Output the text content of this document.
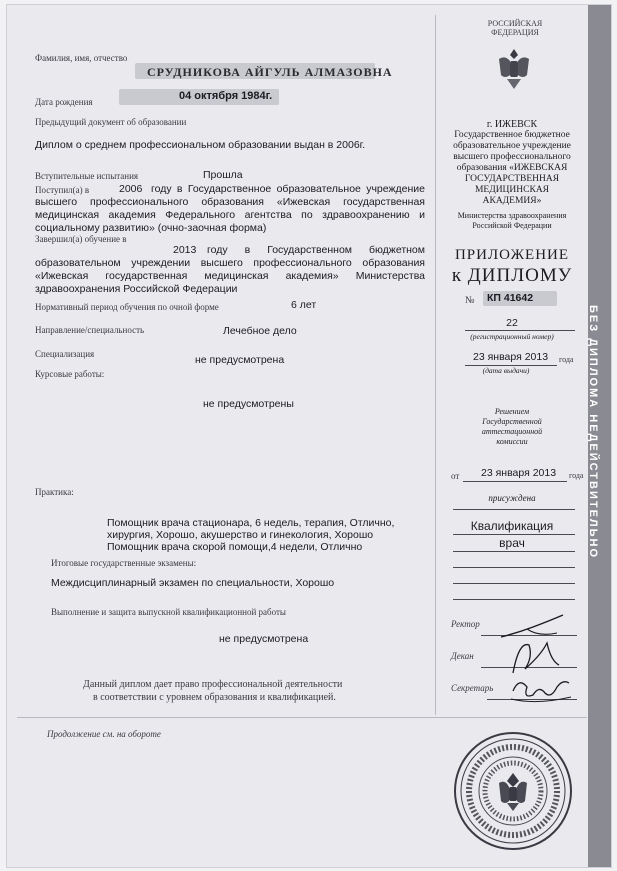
БЕЗ ДИПЛОМА НЕДЕЙСТВИТЕЛЬНО
Фамилия, имя, отчество
СРУДНИКОВА АЙГУЛЬ АЛМАЗОВНА
Дата рождения	04 октября 1984г.
Предыдущий документ об образовании
Диплом о среднем профессиональном образовании выдан в 2006г.
Вступительные испытания	Прошла
Поступил(а) в	2006 году в Государственное образовательное учреждение высшего профессионального образования «Ижевская государственная медицинская академия Федерального агентства по здравоохранению и социальному развитию» (очно-заочная форма)
Завершил(а) обучение в
2013	году в Государственном бюджетном образовательном учреждении высшего профессионального образования «Ижевская государственная медицинская академия» Министерства здравоохранения Российской Федерации
Нормативный период обучения по очной форме	6 лет
Направление/специальность	Лечебное дело
Специализация	не предусмотрена
Курсовые работы:
не предусмотрены
Практика:
Помощник врача стационара, 6 недель, терапия, Отлично,
хирургия, Хорошо, акушерство и гинекология, Хорошо
Помощник врача скорой помощи,4 недели, Отлично
Итоговые государственные экзамены:
Междисциплинарный экзамен по специальности, Хорошо
Выполнение и защита выпускной квалификационной работы
не предусмотрена
Данный диплом дает право профессиональной деятельности
в соответствии с уровнем образования и квалификацией.
Продолжение см. на обороте
РОССИЙСКАЯ ФЕДЕРАЦИЯ
г. ИЖЕВСК
Государственное бюджетное
образовательное учреждение
высшего профессионального
образования «ИЖЕВСКАЯ
ГОСУДАРСТВЕННАЯ
МЕДИЦИНСКАЯ
АКАДЕМИЯ»
Министерства здравоохранения
Российской Федерации
ПРИЛОЖЕНИЕ
к ДИПЛОМУ
№ КП 41642
22
(регистрационный номер)
23 января 2013 года
(дата выдачи)
Решением
Государственной
аттестационной
комиссии
от 23 января 2013 года
присуждена
Квалификация
врач
Ректор
Декан
Секретарь
